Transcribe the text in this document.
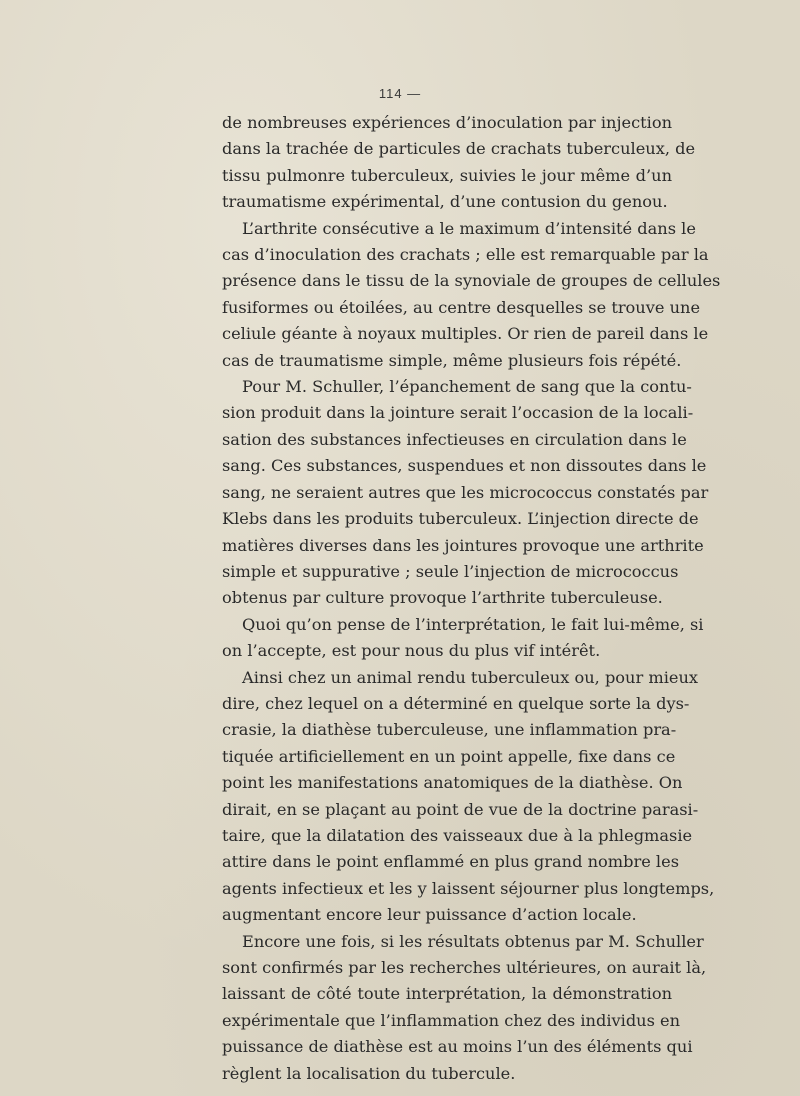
114 —
de nombreuses expériences d’inoculation par injection
dans la trachée de particules de crachats tuberculeux, de
tissu pulmonre tuberculeux, suivies le jour même d’un
traumatisme expérimental, d’une contusion du genou.
L’arthrite consécutive a le maximum d’intensité dans le
cas d’inoculation des crachats ; elle est remarquable par la
présence dans le tissu de la synoviale de groupes de cellules
fusiformes ou étoilées, au centre desquelles se trouve une
celiule géante à noyaux multiples. Or rien de pareil dans le
cas de traumatisme simple, même plusieurs fois répété.
Pour M. Schuller, l’épanchement de sang que la contu-
sion produit dans la jointure serait l’occasion de la locali-
sation des substances infectieuses en circulation dans le
sang. Ces substances, suspendues et non dissoutes dans le
sang, ne seraient autres que les micrococcus constatés par
Klebs dans les produits tuberculeux. L’injection directe de
matières diverses dans les jointures provoque une arthrite
simple et suppurative ; seule l’injection de micrococcus
obtenus par culture provoque l’arthrite tuberculeuse.
Quoi qu’on pense de l’interprétation, le fait lui-même, si
on l’accepte, est pour nous du plus vif intérêt.
Ainsi chez un animal rendu tuberculeux ou, pour mieux
dire, chez lequel on a déterminé en quelque sorte la dys-
crasie, la diathèse tuberculeuse, une inflammation pra-
tiquée artificiellement en un point appelle, fixe dans ce
point les manifestations anatomiques de la diathèse. On
dirait, en se plaçant au point de vue de la doctrine parasi-
taire, que la dilatation des vaisseaux due à la phlegmasie
attire dans le point enflammé en plus grand nombre les
agents infectieux et les y laissent séjourner plus longtemps,
augmentant encore leur puissance d’action locale.
Encore une fois, si les résultats obtenus par M. Schuller
sont confirmés par les recherches ultérieures, on aurait là,
laissant de côté toute interprétation, la démonstration
expérimentale que l’inflammation chez des individus en
puissance de diathèse est au moins l’un des éléments qui
règlent la localisation du tubercule.
